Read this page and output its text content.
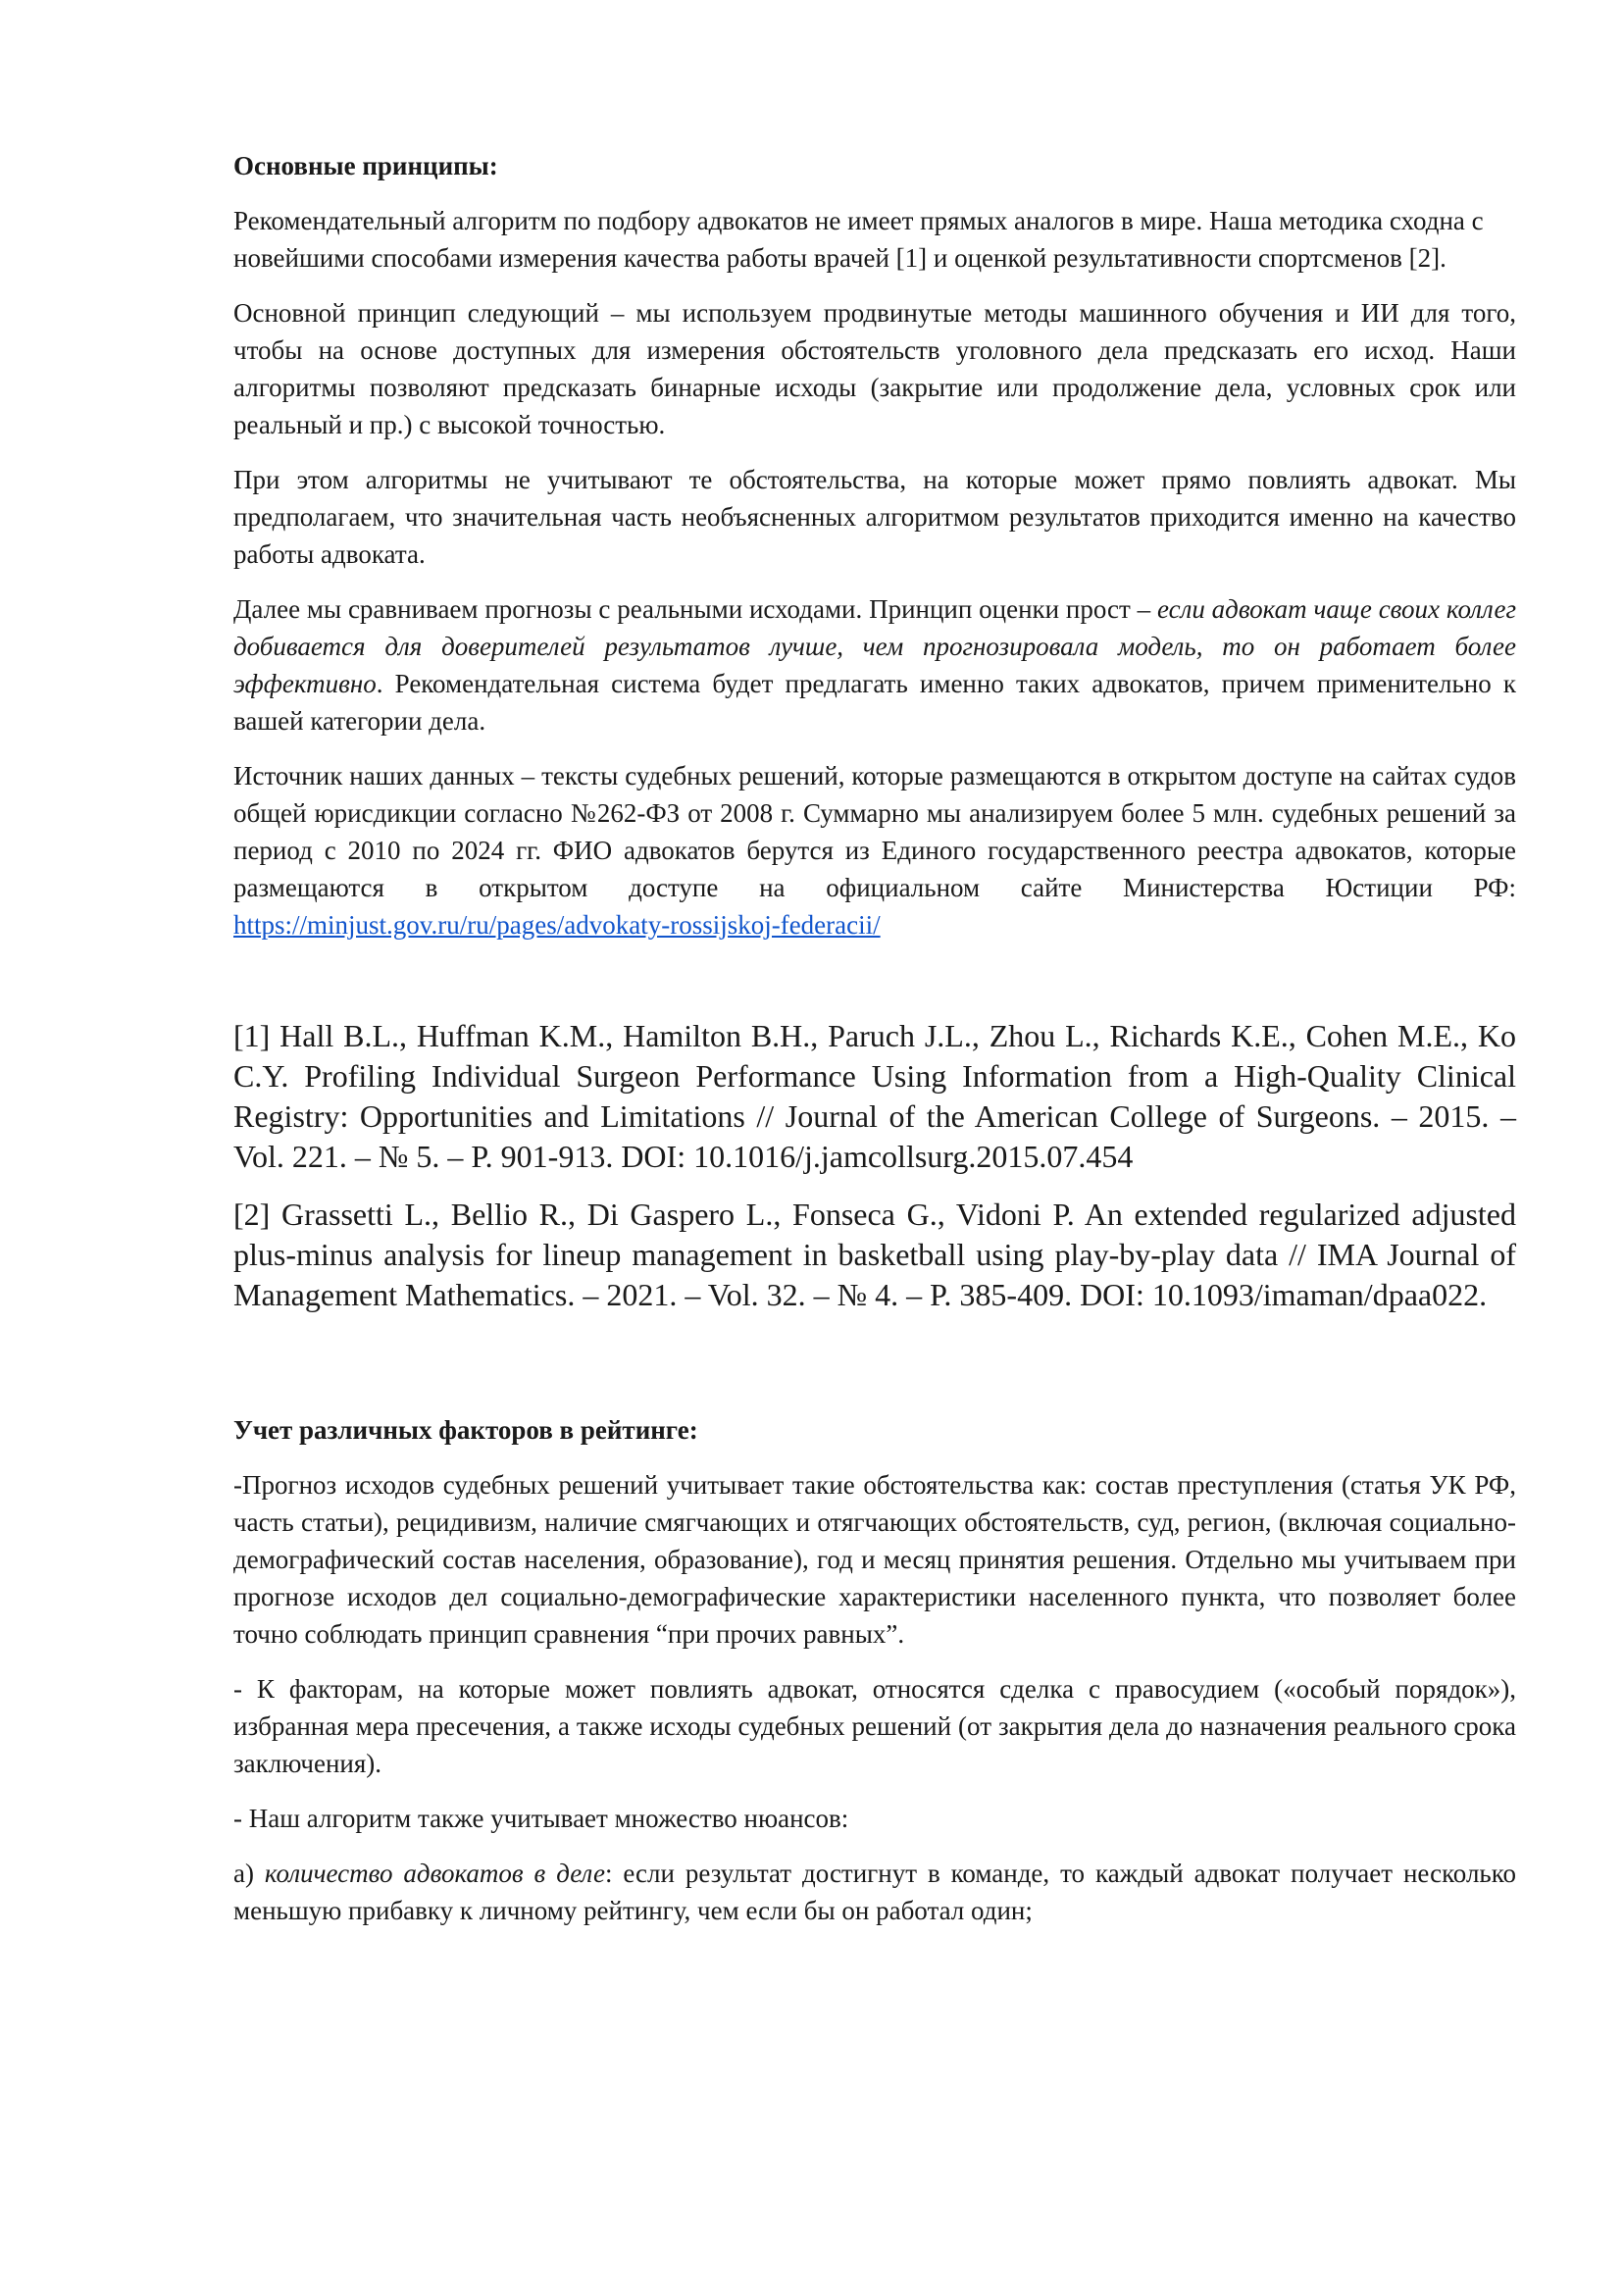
Основные принципы:

Рекомендательный алгоритм по подбору адвокатов не имеет прямых аналогов в мире. Наша методика сходна с новейшими способами измерения качества работы врачей [1] и оценкой результативности спортсменов [2].

Основной принцип следующий – мы используем продвинутые методы машинного обучения и ИИ для того, чтобы на основе доступных для измерения обстоятельств уголовного дела предсказать его исход. Наши алгоритмы позволяют предсказать бинарные исходы (закрытие или продолжение дела, условных срок или реальный и пр.) с высокой точностью.

При этом алгоритмы не учитывают те обстоятельства, на которые может прямо повлиять адвокат. Мы предполагаем, что значительная часть необъясненных алгоритмом результатов приходится именно на качество работы адвоката.

Далее мы сравниваем прогнозы с реальными исходами. Принцип оценки прост – если адвокат чаще своих коллег добивается для доверителей результатов лучше, чем прогнозировала модель, то он работает более эффективно. Рекомендательная система будет предлагать именно таких адвокатов, причем применительно к вашей категории дела.

Источник наших данных – тексты судебных решений, которые размещаются в открытом доступе на сайтах судов общей юрисдикции согласно №262-ФЗ от 2008 г. Суммарно мы анализируем более 5 млн. судебных решений за период с 2010 по 2024 гг. ФИО адвокатов берутся из Единого государственного реестра адвокатов, которые размещаются в открытом доступе на официальном сайте Министерства Юстиции РФ: https://minjust.gov.ru/ru/pages/advokaty-rossijskoj-federacii/

[1] Hall B.L., Huffman K.M., Hamilton B.H., Paruch J.L., Zhou L., Richards K.E., Cohen M.E., Ko C.Y. Profiling Individual Surgeon Performance Using Information from a High-Quality Clinical Registry: Opportunities and Limitations // Journal of the American College of Surgeons. – 2015. – Vol. 221. – № 5. – P. 901-913. DOI: 10.1016/j.jamcollsurg.2015.07.454

[2] Grassetti L., Bellio R., Di Gaspero L., Fonseca G., Vidoni P. An extended regularized adjusted plus-minus analysis for lineup management in basketball using play-by-play data // IMA Journal of Management Mathematics. – 2021. – Vol. 32. – № 4. – P. 385-409. DOI: 10.1093/imaman/dpaa022.

Учет различных факторов в рейтинге:

-Прогноз исходов судебных решений учитывает такие обстоятельства как: состав преступления (статья УК РФ, часть статьи), рецидивизм, наличие смягчающих и отягчающих обстоятельств, суд, регион, (включая социально-демографический состав населения, образование), год и месяц принятия решения. Отдельно мы учитываем при прогнозе исходов дел социально-демографические характеристики населенного пункта, что позволяет более точно соблюдать принцип сравнения “при прочих равных”.

- К факторам, на которые может повлиять адвокат, относятся сделка с правосудием («особый порядок»), избранная мера пресечения, а также исходы судебных решений (от закрытия дела до назначения реального срока заключения).

- Наш алгоритм также учитывает множество нюансов:

а) количество адвокатов в деле: если результат достигнут в команде, то каждый адвокат получает несколько меньшую прибавку к личному рейтингу, чем если бы он работал один;
